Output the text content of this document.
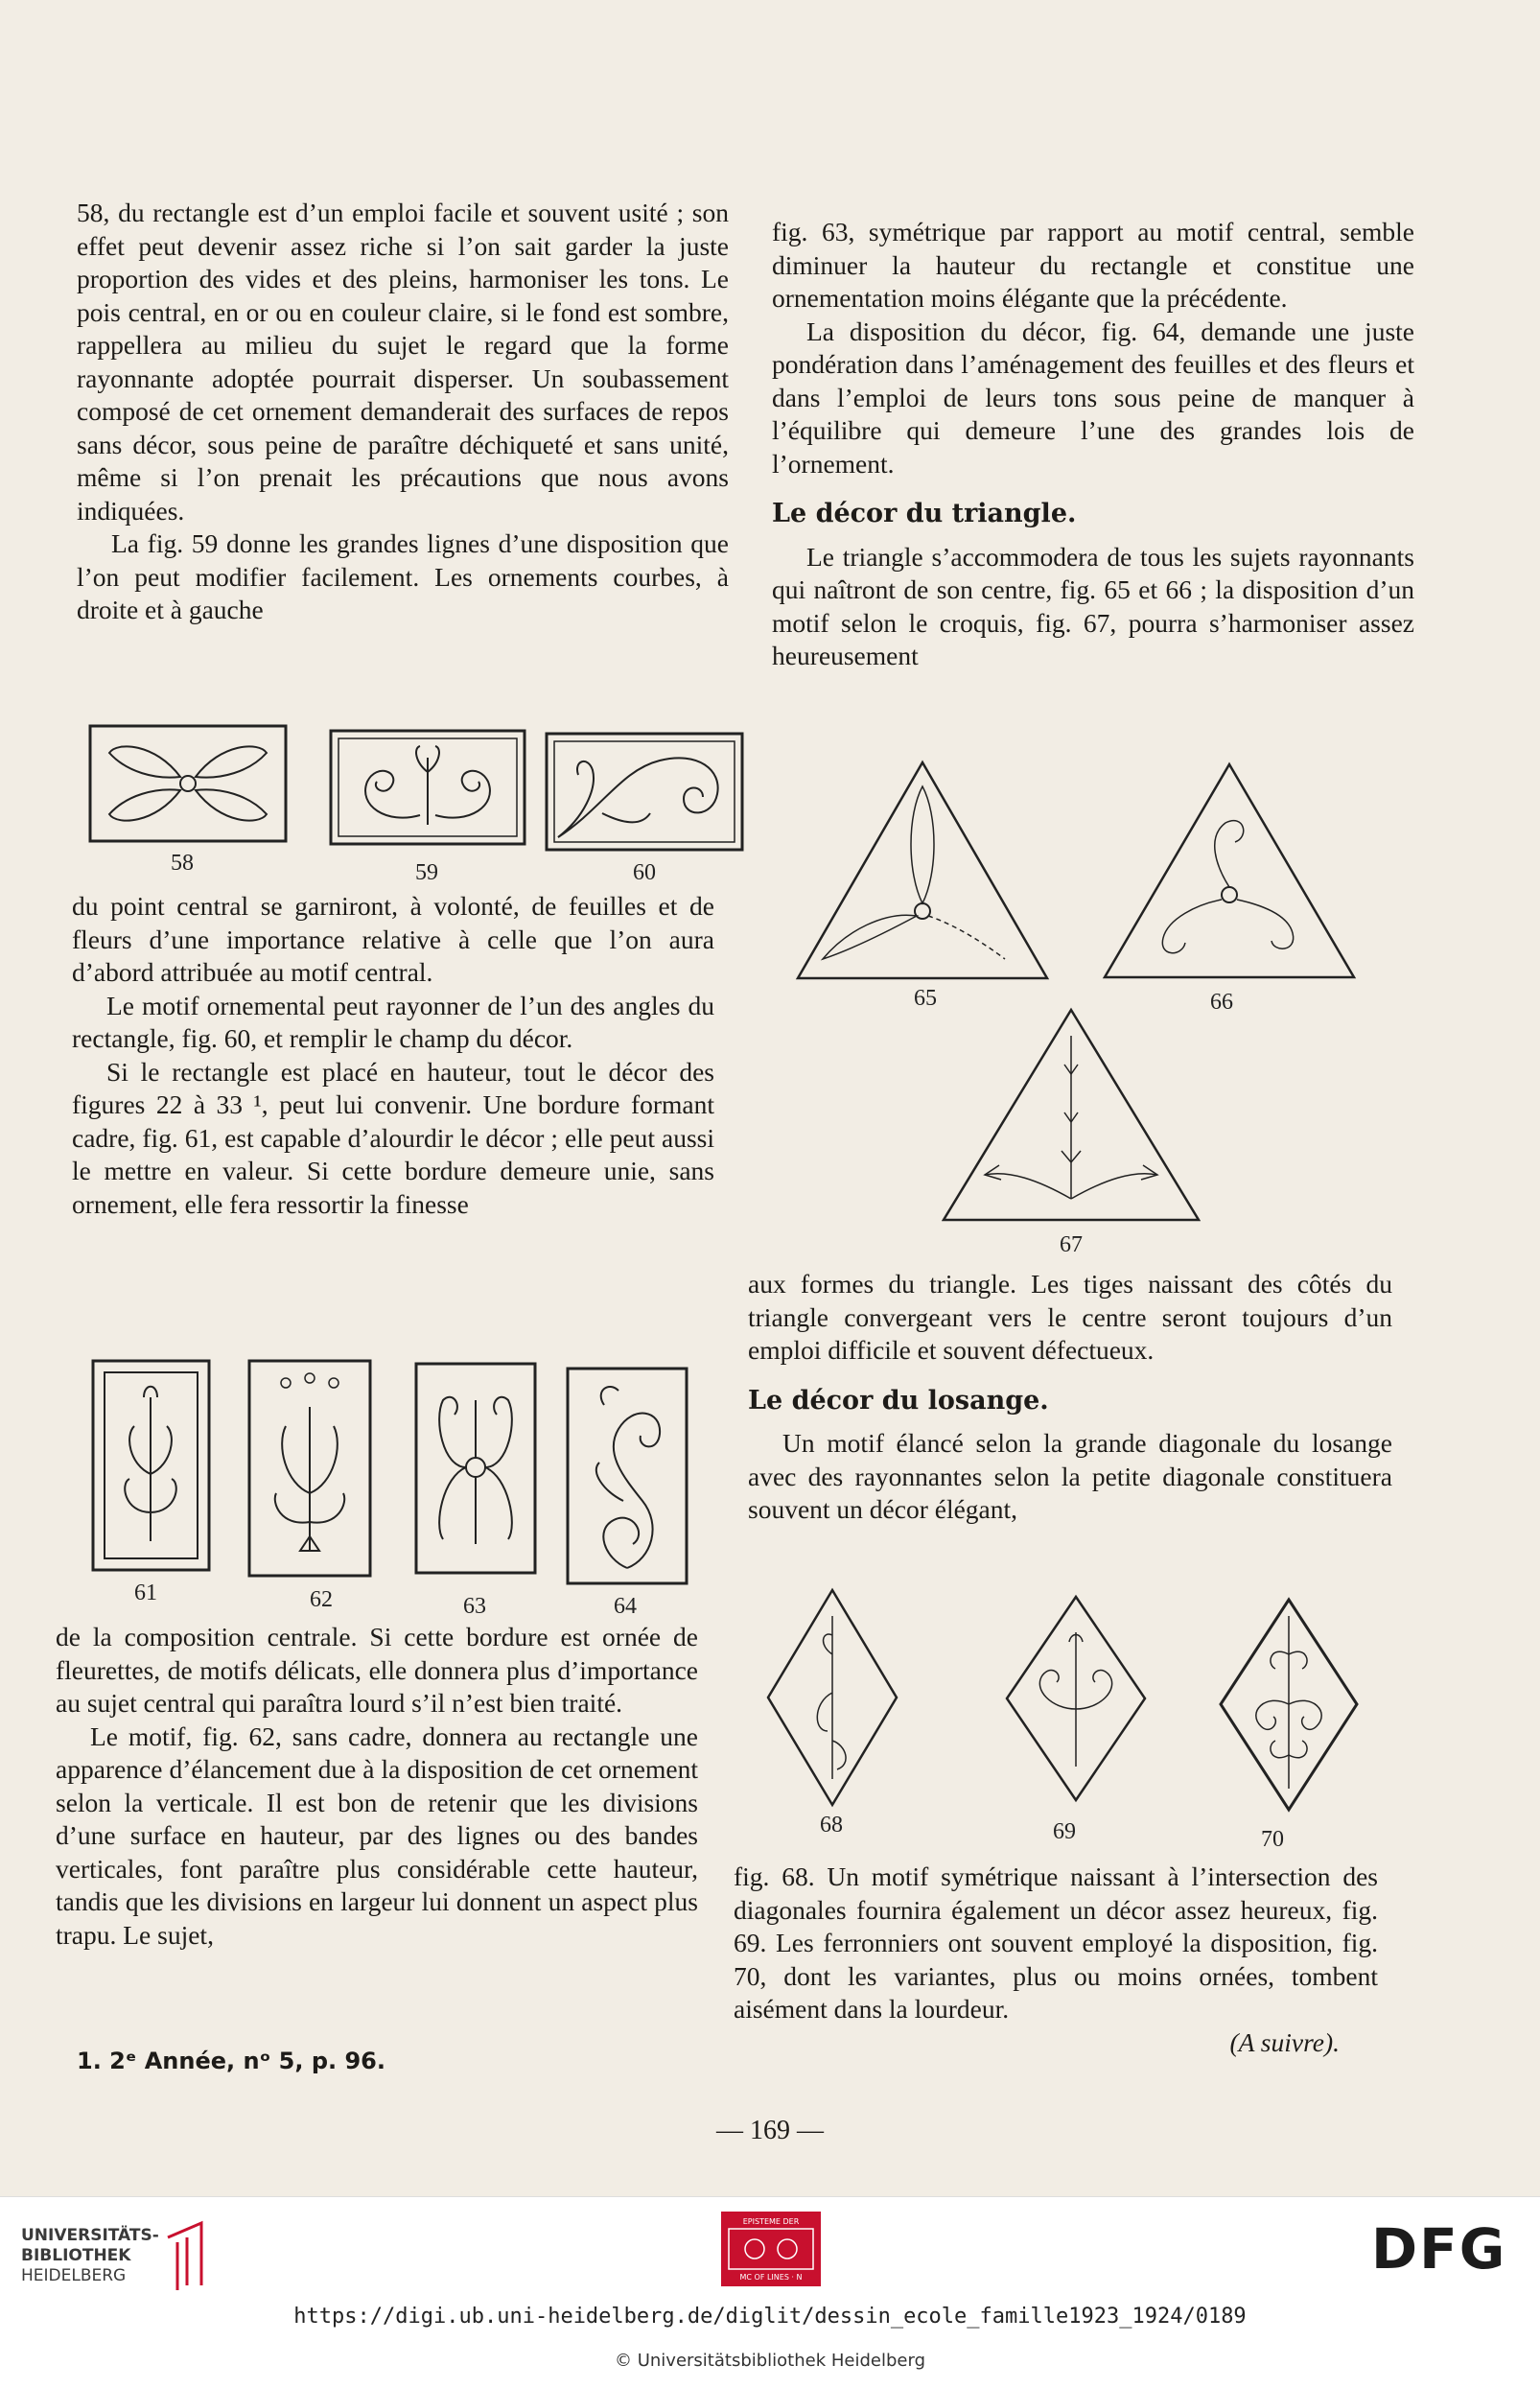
58, du rectangle est d’un emploi facile et souvent usité ; son effet peut devenir assez riche si l’on sait garder la juste proportion des vides et des pleins, harmoniser les tons. Le pois central, en or ou en couleur claire, si le fond est sombre, rappellera au milieu du sujet le regard que la forme rayonnante adoptée pourrait disperser. Un soubassement composé de cet ornement demanderait des surfaces de repos sans décor, sous peine de paraître déchiqueté et sans unité, même si l’on prenait les précautions que nous avons indiquées.

La fig. 59 donne les grandes lignes d’une disposition que l’on peut modifier facilement. Les ornements courbes, à droite et à gauche

58	59	60

du point central se garniront, à volonté, de feuilles et de fleurs d’une importance relative à celle que l’on aura d’abord attribuée au motif central.

Le motif ornemental peut rayonner de l’un des angles du rectangle, fig. 60, et remplir le champ du décor.

Si le rectangle est placé en hauteur, tout le décor des figures 22 à 33 ¹, peut lui convenir. Une bordure formant cadre, fig. 61, est capable d’alourdir le décor ; elle peut aussi le mettre en valeur. Si cette bordure demeure unie, sans ornement, elle fera ressortir la finesse

61	62	63	64

de la composition centrale. Si cette bordure est ornée de fleurettes, de motifs délicats, elle donnera plus d’importance au sujet central qui paraîtra lourd s’il n’est bien traité.

Le motif, fig. 62, sans cadre, donnera au rectangle une apparence d’élancement due à la disposition de cet ornement selon la verticale. Il est bon de retenir que les divisions d’une surface en hauteur, par des lignes ou des bandes verticales, font paraître plus considérable cette hauteur, tandis que les divisions en largeur lui donnent un aspect plus trapu. Le sujet,

1. 2ᵉ Année, nᵒ 5, p. 96.

fig. 63, symétrique par rapport au motif central, semble diminuer la hauteur du rectangle et constitue une ornementation moins élégante que la précédente.

La disposition du décor, fig. 64, demande une juste pondération dans l’aménagement des feuilles et des fleurs et dans l’emploi de leurs tons sous peine de manquer à l’équilibre qui demeure l’une des grandes lois de l’ornement.

Le décor du triangle.

Le triangle s’accommodera de tous les sujets rayonnants qui naîtront de son centre, fig. 65 et 66 ; la disposition d’un motif selon le croquis, fig. 67, pourra s’harmoniser assez heureusement

65	66
67

aux formes du triangle. Les tiges naissant des côtés du triangle convergeant vers le centre seront toujours d’un emploi difficile et souvent défectueux.

Le décor du losange.

Un motif élancé selon la grande diagonale du losange avec des rayonnantes selon la petite diagonale constituera souvent un décor élégant,

68	69	70

fig. 68. Un motif symétrique naissant à l’intersection des diagonales fournira également un décor assez heureux, fig. 69. Les ferronniers ont souvent employé la disposition, fig. 70, dont les variantes, plus ou moins ornées, tombent aisément dans la lourdeur.

(A suivre).

— 169 —
UNIVERSITÄTS-
BIBLIOTHEK
HEIDELBERG
EPISTEME DER
MC OF LINES · N	DFG
https://digi.ub.uni-heidelberg.de/diglit/dessin_ecole_famille1923_1924/0189
© Universitätsbibliothek Heidelberg
